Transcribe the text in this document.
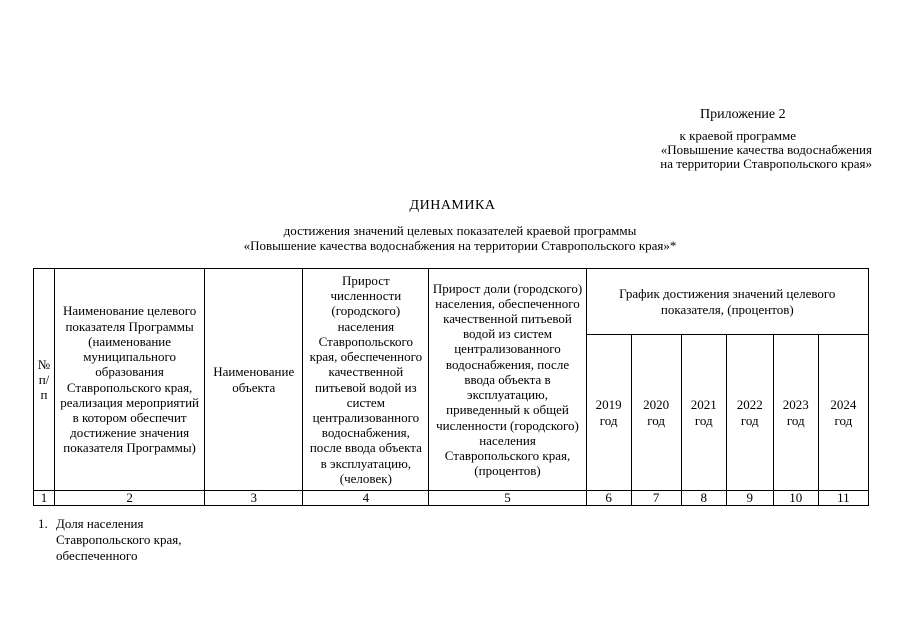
Приложение 2
к краевой программе
«Повышение качества водоснабжения
на территории Ставропольского края»
ДИНАМИКА
достижения значений целевых показателей краевой программы
«Повышение качества водоснабжения на территории Ставропольского края»*
№ п/п	Наименование целевого показателя Программы (наименование муниципального образования Ставропольского края, реализация мероприятий в котором обеспечит достижение значения показателя Программы)	Наименование объекта	Прирост численности (городского) населения Ставропольского края, обеспеченного качественной питьевой водой из систем централизованного водоснабжения, после ввода объекта в эксплуатацию, (человек)	Прирост доли (городского) населения, обеспеченного качественной питьевой водой из систем централизованного водоснабжения, после ввода объекта в эксплуатацию, приведенный к общей численности (городского) населения Ставропольского края, (процентов)	График достижения значений целевого показателя, (процентов)					
					2019 год	2020 год	2021 год	2022 год	2023 год	2024 год
1	2	3	4	5	6	7	8	9	10	11
1. Доля населения Ставропольского края, обеспеченного
